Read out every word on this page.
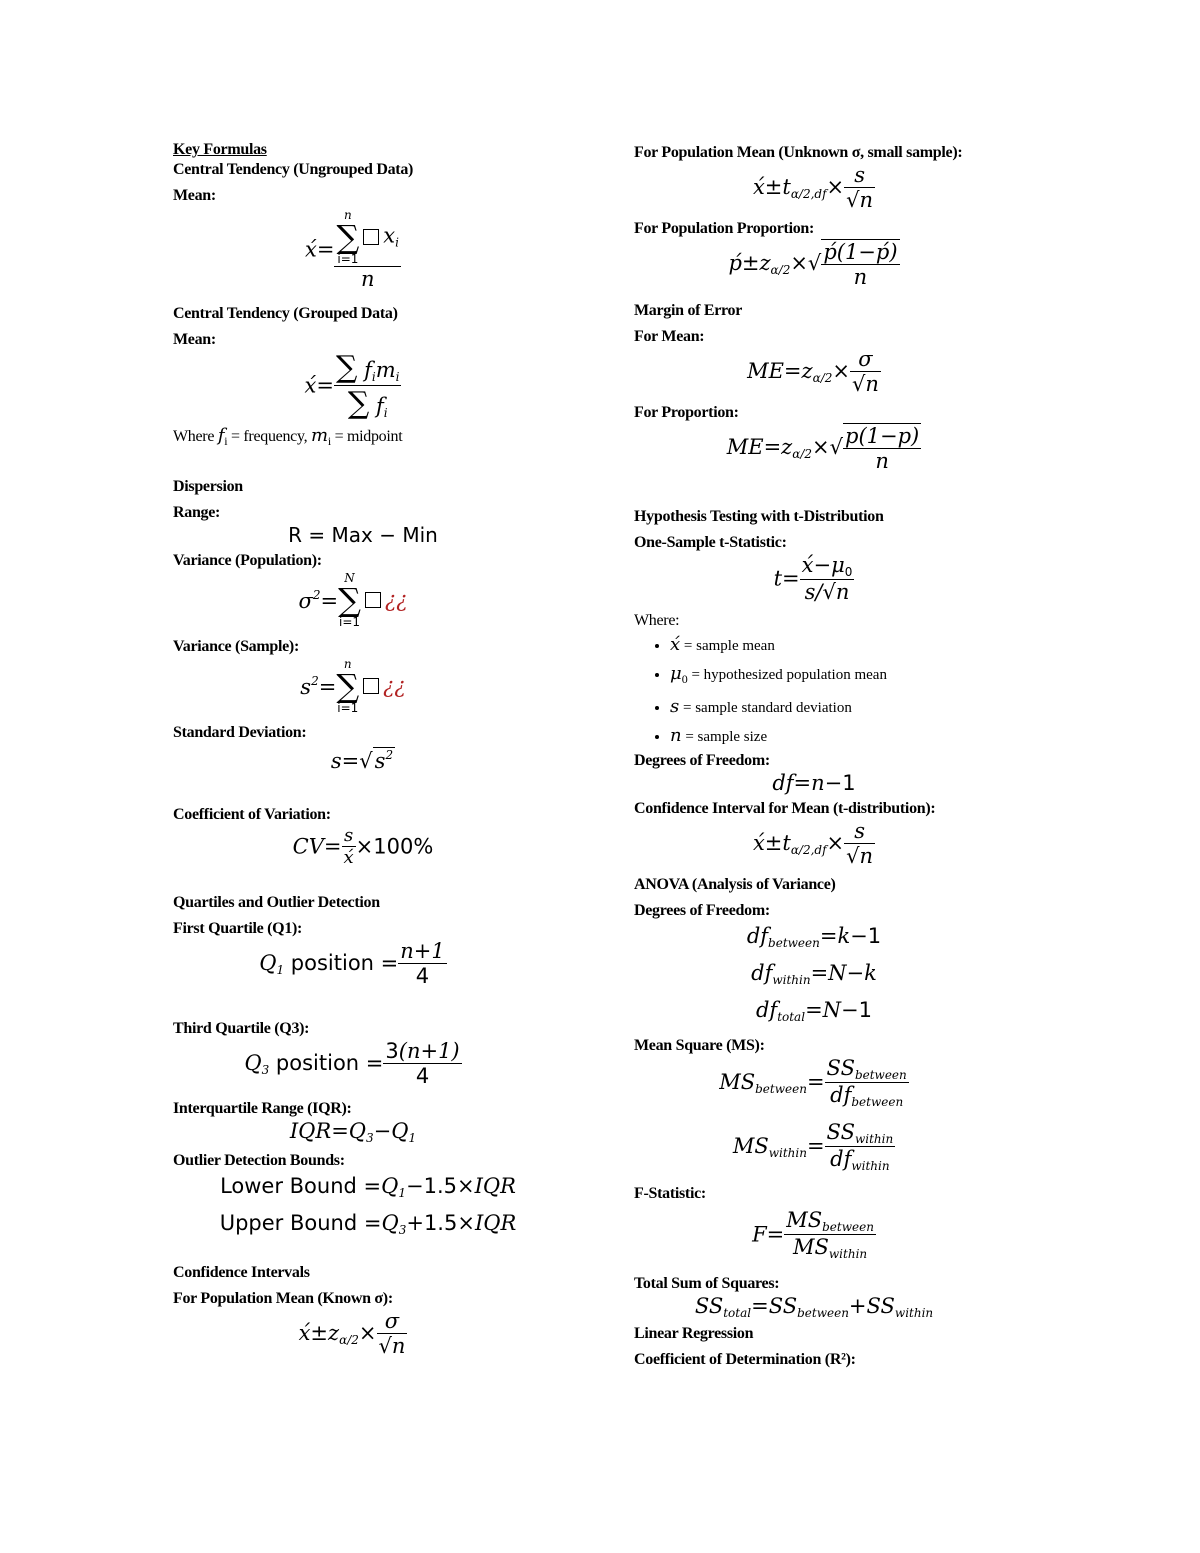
Key Formulas
Central Tendency (Ungrouped Data)
Mean:
x́= n
∑
i=1
$x_i$
n
Central Tendency (Grouped Data)
Mean:
x́= $\frac{\sum f_im_i}{\sum f_i}$
Where $f_i$ = frequency, $m_i$ = midpoint
Dispersion
Range:
R = Max − Min
Variance (Population):
$\sigma^2=$
N
∑
i=1
¿¿
Variance (Sample):
$s^2=$
n
∑
i=1
¿¿
Standard Deviation:
$s=√s^2$
Coefficient of Variation:
$CV= \frac{s}{x́} \times 100\%$
Quartiles and Outlier Detection
First Quartile (Q1):
$Q_1$ position = $\frac{n+1}{4}$
Third Quartile (Q3):
$Q_3$ position = $\frac{3(n+1)}{4}$
Interquartile Range (IQR):
$IQR=Q_3-Q_1$
Outlier Detection Bounds:
Lower Bound $=Q_1-1.5\times IQR$
Upper Bound $=Q_3+1.5\times IQR$
Confidence Intervals
For Population Mean (Known σ):
$x́\pm z_{\alpha/2}\times \frac{\sigma}{√n}$
For Population Mean (Unknown σ, small sample):
$x́\pm t_{\alpha/2,df}\times \frac{s}{√n}$
For Population Proportion:
$ṕ\pm z_{\alpha/2}\times√ \frac{\text{ṕ(1−ṕ)}}{n}$
Margin of Error
For Mean:
$ME=z_{\alpha/2}\times \frac{\sigma}{√n}$
For Proportion:
$ME=z_{\alpha/2}\times√ \frac{p(1-p)}{n}$
Hypothesis Testing with t-Distribution
One-Sample t-Statistic:
$t= \frac{x́-\mu_0}{s/√n}$
Where:
• x́ = sample mean
• $\mu_0$ = hypothesized population mean
• s = sample standard deviation
• n = sample size
Degrees of Freedom:
df=n−1
Confidence Interval for Mean (t-distribution):
$x́\pm t_{\alpha/2,df}\times \frac{s}{√n}$
ANOVA (Analysis of Variance)
Degrees of Freedom:
$df_{between}=k-1$
$df_{within}=N-k$
$df_{total}=N-1$
Mean Square (MS):
$MS_{between}= \frac{SS_{between}}{df_{between}}$
$MS_{within}= \frac{SS_{within}}{df_{within}}$
F-Statistic:
$F= \frac{MS_{between}}{MS_{within}}$
Total Sum of Squares:
$SS_{total}=SS_{between}+SS_{within}$
Linear Regression
Coefficient of Determination (R²):
